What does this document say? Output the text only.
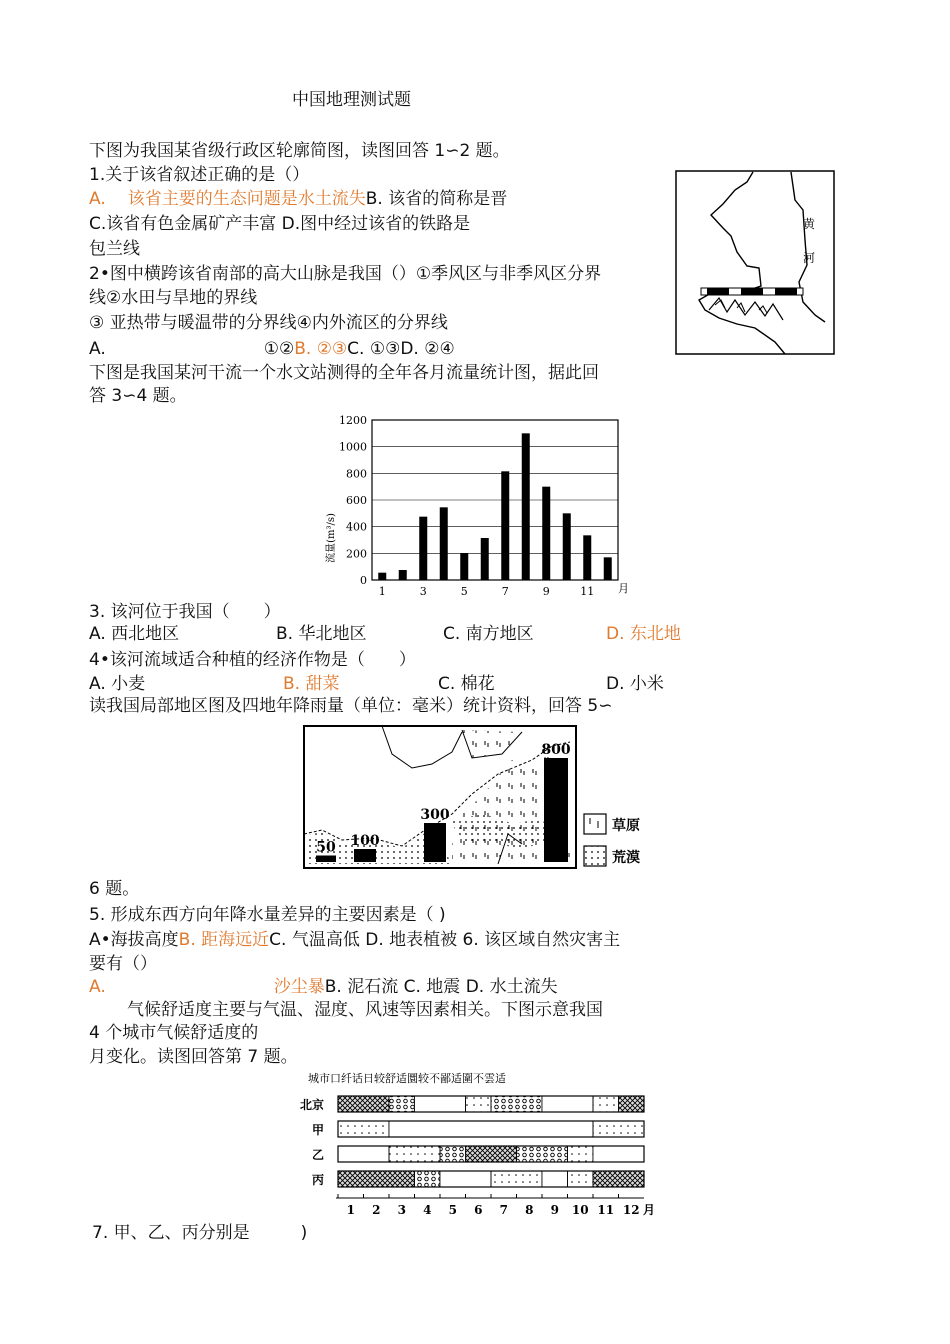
中国地理测试题
下图为我国某省级行政区轮廓简图，读图回答 1∽2 题。
1.关于该省叙述正确的是（）
A. 该省主要的生态问题是水土流失B. 该省的简称是晋
C.该省有色金属矿产丰富 D.图中经过该省的铁路是
包兰线
2•图中横跨该省南部的高大山脉是我国（）①季风区与非季风区分界
线②水田与旱地的界线
③ 亚热带与暖温带的分界线④内外流区的分界线
A.	①②B. ②③C. ①③D. ②④
黄
河
下图是我国某河干流一个水文站测得的全年各月流量统计图，据此回
答 3∽4 题。
0
200
400
600
800
1000
1200
1	3	5	7	9	11
流量(m³/s)
月
3. 该河位于我国（　　）
A. 西北地区	B. 华北地区	C. 南方地区	D. 东北地
4•该河流域适合种植的经济作物是（　　）
A. 小麦	B. 甜菜	C. 棉花	D. 小米
读我国局部地区图及四地年降雨量（单位：毫米）统计资料，回答 5∽
50 100
300
800
草原
荒漠
6 题。
5. 形成东西方向年降水量差异的主要因素是（ )
A•海拔高度B. 距海远近C. 气温高低 D. 地表植被 6. 该区域自然灾害主
要有（）
A.	沙尘暴B. 泥石流 C. 地震 D. 水土流失
气候舒适度主要与气温、湿度、风速等因素相关。下图示意我国
4 个城市气候舒适度的
月变化。读图回答第 7 题。
城市口纤话日较舒适圜较不鄙适圍不雲适
北京
甲
乙
丙
1 2 3 4 5 6 7 8 9 10 11 12 月
7. 甲、乙、丙分别是　　　)
